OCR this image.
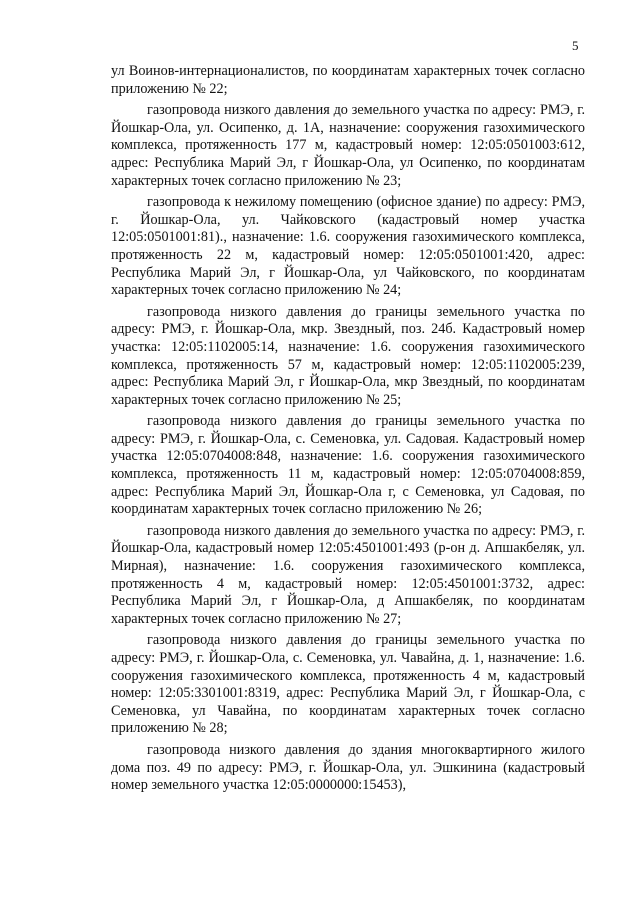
5

ул Воинов-интернационалистов, по координатам характерных точек согласно приложению № 22;

газопровода низкого давления до земельного участка по адресу: РМЭ, г. Йошкар-Ола, ул. Осипенко, д. 1А, назначение: сооружения газохимического комплекса, протяженность 177 м, кадастровый номер: 12:05:0501003:612, адрес: Республика Марий Эл, г Йошкар-Ола, ул Осипенко, по координатам характерных точек согласно приложению № 23;

газопровода к нежилому помещению (офисное здание) по адресу: РМЭ, г. Йошкар-Ола, ул. Чайковского (кадастровый номер участка 12:05:0501001:81)., назначение: 1.6. сооружения газохимического комплекса, протяженность 22 м, кадастровый номер: 12:05:0501001:420, адрес: Республика Марий Эл, г Йошкар-Ола, ул Чайковского, по координатам характерных точек согласно приложению № 24;

газопровода низкого давления до границы земельного участка по адресу: РМЭ, г. Йошкар-Ола, мкр. Звездный, поз. 24б. Кадастровый номер участка: 12:05:1102005:14, назначение: 1.6. сооружения газохимического комплекса, протяженность 57 м, кадастровый номер: 12:05:1102005:239, адрес: Республика Марий Эл, г Йошкар-Ола, мкр Звездный, по координатам характерных точек согласно приложению № 25;

газопровода низкого давления до границы земельного участка по адресу: РМЭ, г. Йошкар-Ола, с. Семеновка, ул. Садовая. Кадастровый номер участка 12:05:0704008:848, назначение: 1.6. сооружения газохимического комплекса, протяженность 11 м, кадастровый номер: 12:05:0704008:859, адрес: Республика Марий Эл, Йошкар-Ола г, с Семеновка, ул Садовая, по координатам характерных точек согласно приложению № 26;

газопровода низкого давления до земельного участка по адресу: РМЭ, г. Йошкар-Ола, кадастровый номер 12:05:4501001:493 (р-он д. Апшакбеляк, ул. Мирная), назначение: 1.6. сооружения газохимического комплекса, протяженность 4 м, кадастровый номер: 12:05:4501001:3732, адрес: Республика Марий Эл, г Йошкар-Ола, д Апшакбеляк, по координатам характерных точек согласно приложению № 27;

газопровода низкого давления до границы земельного участка по адресу: РМЭ, г. Йошкар-Ола, с. Семеновка, ул. Чавайна, д. 1, назначение: 1.6. сооружения газохимического комплекса, протяженность 4 м, кадастровый номер: 12:05:3301001:8319, адрес: Республика Марий Эл, г Йошкар-Ола, с Семеновка, ул Чавайна, по координатам характерных точек согласно приложению № 28;

газопровода низкого давления до здания многоквартирного жилого дома поз. 49 по адресу: РМЭ, г. Йошкар-Ола, ул. Эшкинина (кадастровый номер земельного участка 12:05:0000000:15453),
